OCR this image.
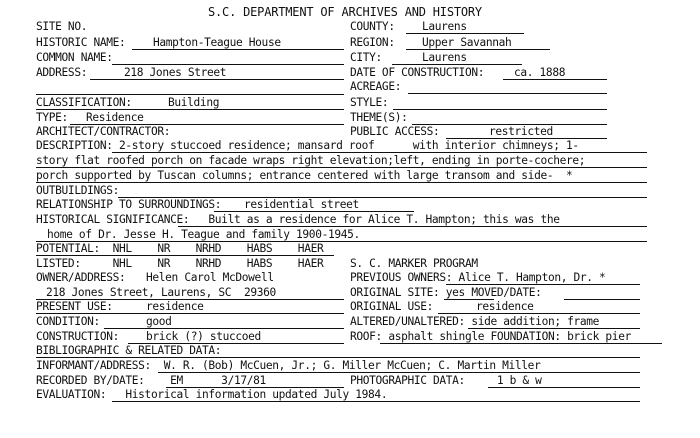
S.C. DEPARTMENT OF ARCHIVES AND HISTORY
SITE NO.
HISTORIC NAME: Hampton-Teague House
COMMON NAME:
ADDRESS:	218 Jones Street
CLASSIFICATION:	Building
TYPE: Residence
ARCHITECT/CONTRACTOR:
COUNTY: Laurens
REGION: Upper Savannah
CITY:	Laurens
DATE OF CONSTRUCTION:	ca. 1888
ACREAGE:
STYLE:
THEME(S):
PUBLIC ACCESS:	restricted
DESCRIPTION: 2-story stuccoed residence; mansard roof      with interior chimneys; 1-
story flat roofed porch on facade wraps right elevation;left, ending in porte-cochere;
porch supported by Tuscan columns; entrance centered with large transom and side-  *
OUTBUILDINGS:
RELATIONSHIP TO SURROUNDINGS: residential street
HISTORICAL SIGNIFICANCE:   Built as a residence for Alice T. Hampton; this was the
home of Dr. Jesse H. Teague and family 1900-1945.
POTENTIAL:  NHL    NR    NRHD    HABS    HAER
LISTED:     NHL    NR    NRHD    HABS    HAER S. C. MARKER PROGRAM
OWNER/ADDRESS: Helen Carol McDowell	PREVIOUS OWNERS: Alice T. Hampton, Dr. *
218 Jones Street, Laurens, SC  29360	ORIGINAL SITE: yes MOVED/DATE:
PRESENT USE:	residence	ORIGINAL USE:	residence
CONDITION:	good	ALTERED/UNALTERED: side addition; frame
CONSTRUCTION: brick (?) stuccoed	ROOF: asphalt shingle FOUNDATION: brick pier
BIBLIOGRAPHIC & RELATED DATA:
INFORMANT/ADDRESS:  W. R. (Bob) McCuen, Jr.; G. Miller McCuen; C. Martin Miller
RECORDED BY/DATE:    EM      3/17/81	PHOTOGRAPHIC DATA:     1 b & w
EVALUATION:   Historical information updated July 1984.
